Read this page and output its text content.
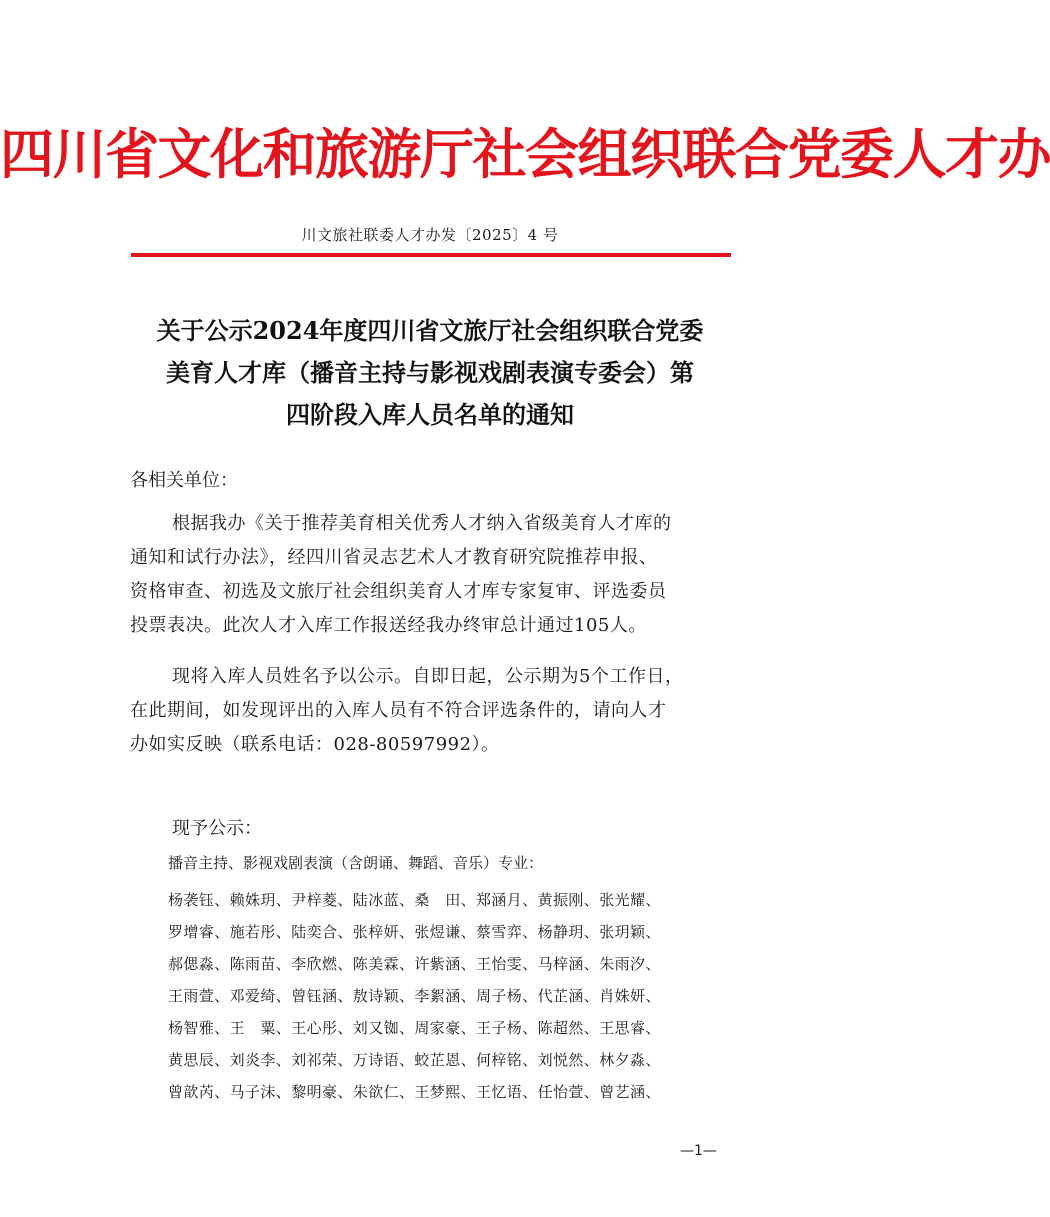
四川省文化和旅游厅社会组织联合党委人才办
川文旅社联委人才办发〔2025〕4 号
关于公示2024年度四川省文旅厅社会组织联合党委
美育人才库（播音主持与影视戏剧表演专委会）第
四阶段入库人员名单的通知
各相关单位：
根据我办《关于推荐美育相关优秀人才纳入省级美育人才库的
通知和试行办法》，经四川省灵志艺术人才教育研究院推荐申报、
资格审查、初选及文旅厅社会组织美育人才库专家复审、评选委员
投票表决。此次人才入库工作报送经我办终审总计通过105人。
现将入库人员姓名予以公示。自即日起，公示期为5个工作日，
在此期间，如发现评出的入库人员有不符合评选条件的，请向人才
办如实反映（联系电话：028-80597992）。
现予公示：
播音主持、影视戏剧表演（含朗诵、舞蹈、音乐）专业：
杨袭钰、赖姝玥、尹梓菱、陆冰蓝、桑　田、郑涵月、黄振刚、张光耀、
罗增睿、施若彤、陆奕合、张梓妍、张煜谦、蔡雪弈、杨静玥、张玥颖、
郝偲淼、陈雨苗、李欣燃、陈美霖、许紫涵、王怡雯、马梓涵、朱雨汐、
王雨萱、邓爱绮、曾钰涵、敖诗颖、李絮涵、周子杨、代芷涵、肖姝妍、
杨智雅、王　粟、王心彤、刘又铷、周家豪、王子杨、陈超然、王思睿、
黄思辰、刘炎李、刘祁荣、万诗语、蛟芷恩、何梓铭、刘悦然、林夕淼、
曾歆芮、马子沫、黎明豪、朱欲仁、王梦熙、王忆语、任怡萱、曾艺涵、
—1—
